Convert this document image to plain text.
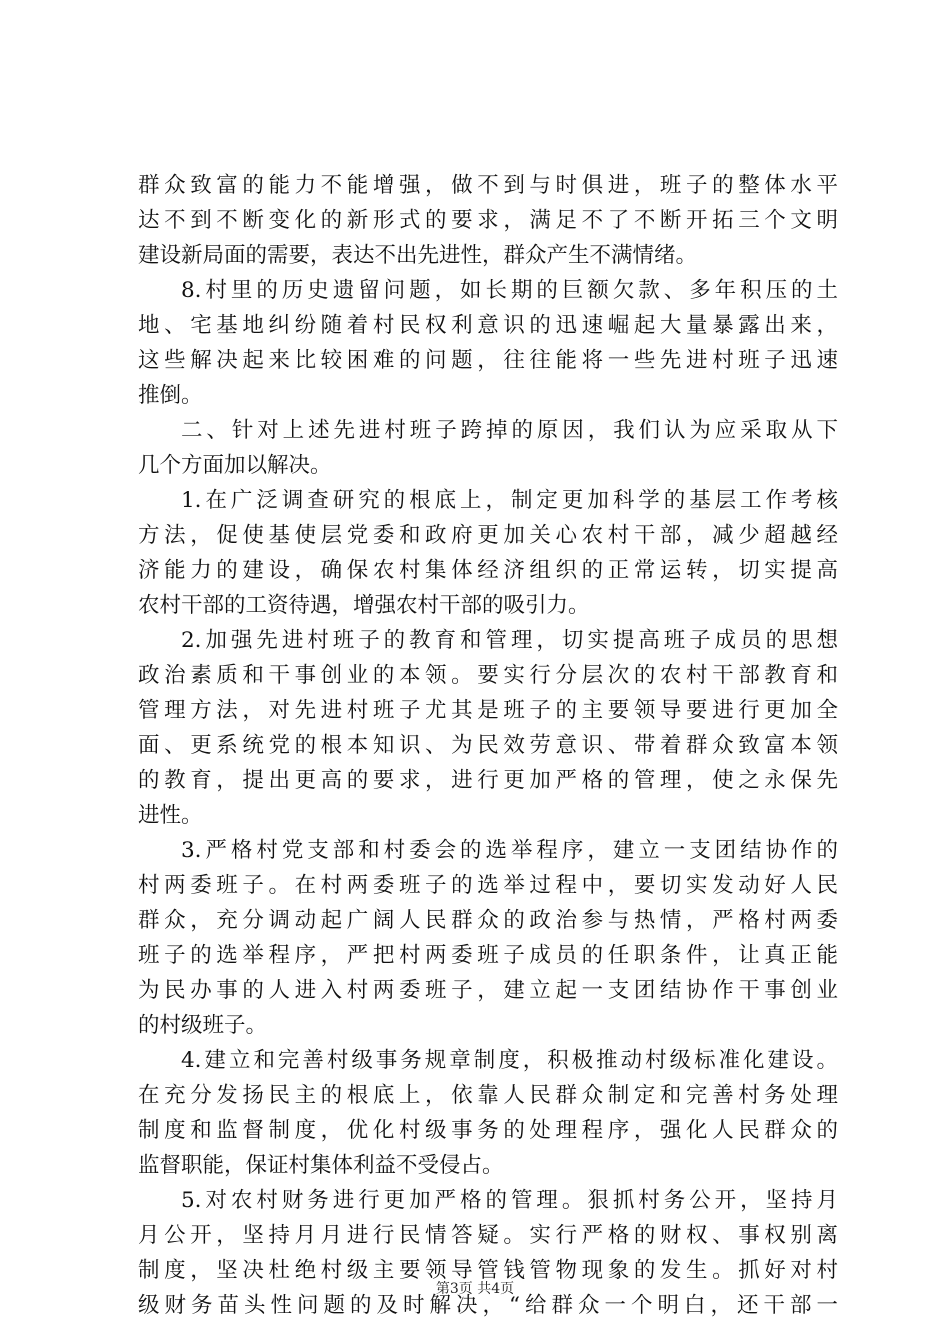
群众致富的能力不能增强，做不到与时俱进，班子的整体水平
达不到不断变化的新形式的要求，满足不了不断开拓三个文明
建设新局面的需要，表达不出先进性，群众产生不满情绪。
8.村里的历史遗留问题，如长期的巨额欠款、多年积压的土
地、宅基地纠纷随着村民权利意识的迅速崛起大量暴露出来，
这些解决起来比较困难的问题，往往能将一些先进村班子迅速
推倒。
二、针对上述先进村班子跨掉的原因，我们认为应采取从下
几个方面加以解决。
1.在广泛调查研究的根底上，制定更加科学的基层工作考核
方法，促使基使层党委和政府更加关心农村干部，减少超越经
济能力的建设，确保农村集体经济组织的正常运转，切实提高
农村干部的工资待遇，增强农村干部的吸引力。
2.加强先进村班子的教育和管理，切实提高班子成员的思想
政治素质和干事创业的本领。要实行分层次的农村干部教育和
管理方法，对先进村班子尤其是班子的主要领导要进行更加全
面、更系统党的根本知识、为民效劳意识、带着群众致富本领
的教育，提出更高的要求，进行更加严格的管理，使之永保先
进性。
3.严格村党支部和村委会的选举程序，建立一支团结协作的
村两委班子。在村两委班子的选举过程中，要切实发动好人民
群众，充分调动起广阔人民群众的政治参与热情，严格村两委
班子的选举程序，严把村两委班子成员的任职条件，让真正能
为民办事的人进入村两委班子，建立起一支团结协作干事创业
的村级班子。
4.建立和完善村级事务规章制度，积极推动村级标准化建设。
在充分发扬民主的根底上，依靠人民群众制定和完善村务处理
制度和监督制度，优化村级事务的处理程序，强化人民群众的
监督职能，保证村集体利益不受侵占。
5.对农村财务进行更加严格的管理。狠抓村务公开，坚持月
月公开，坚持月月进行民情答疑。实行严格的财权、事权别离
制度，坚决杜绝村级主要领导管钱管物现象的发生。抓好对村
级财务苗头性问题的及时解决，“给群众一个明白，还干部一
第3页 共4页
